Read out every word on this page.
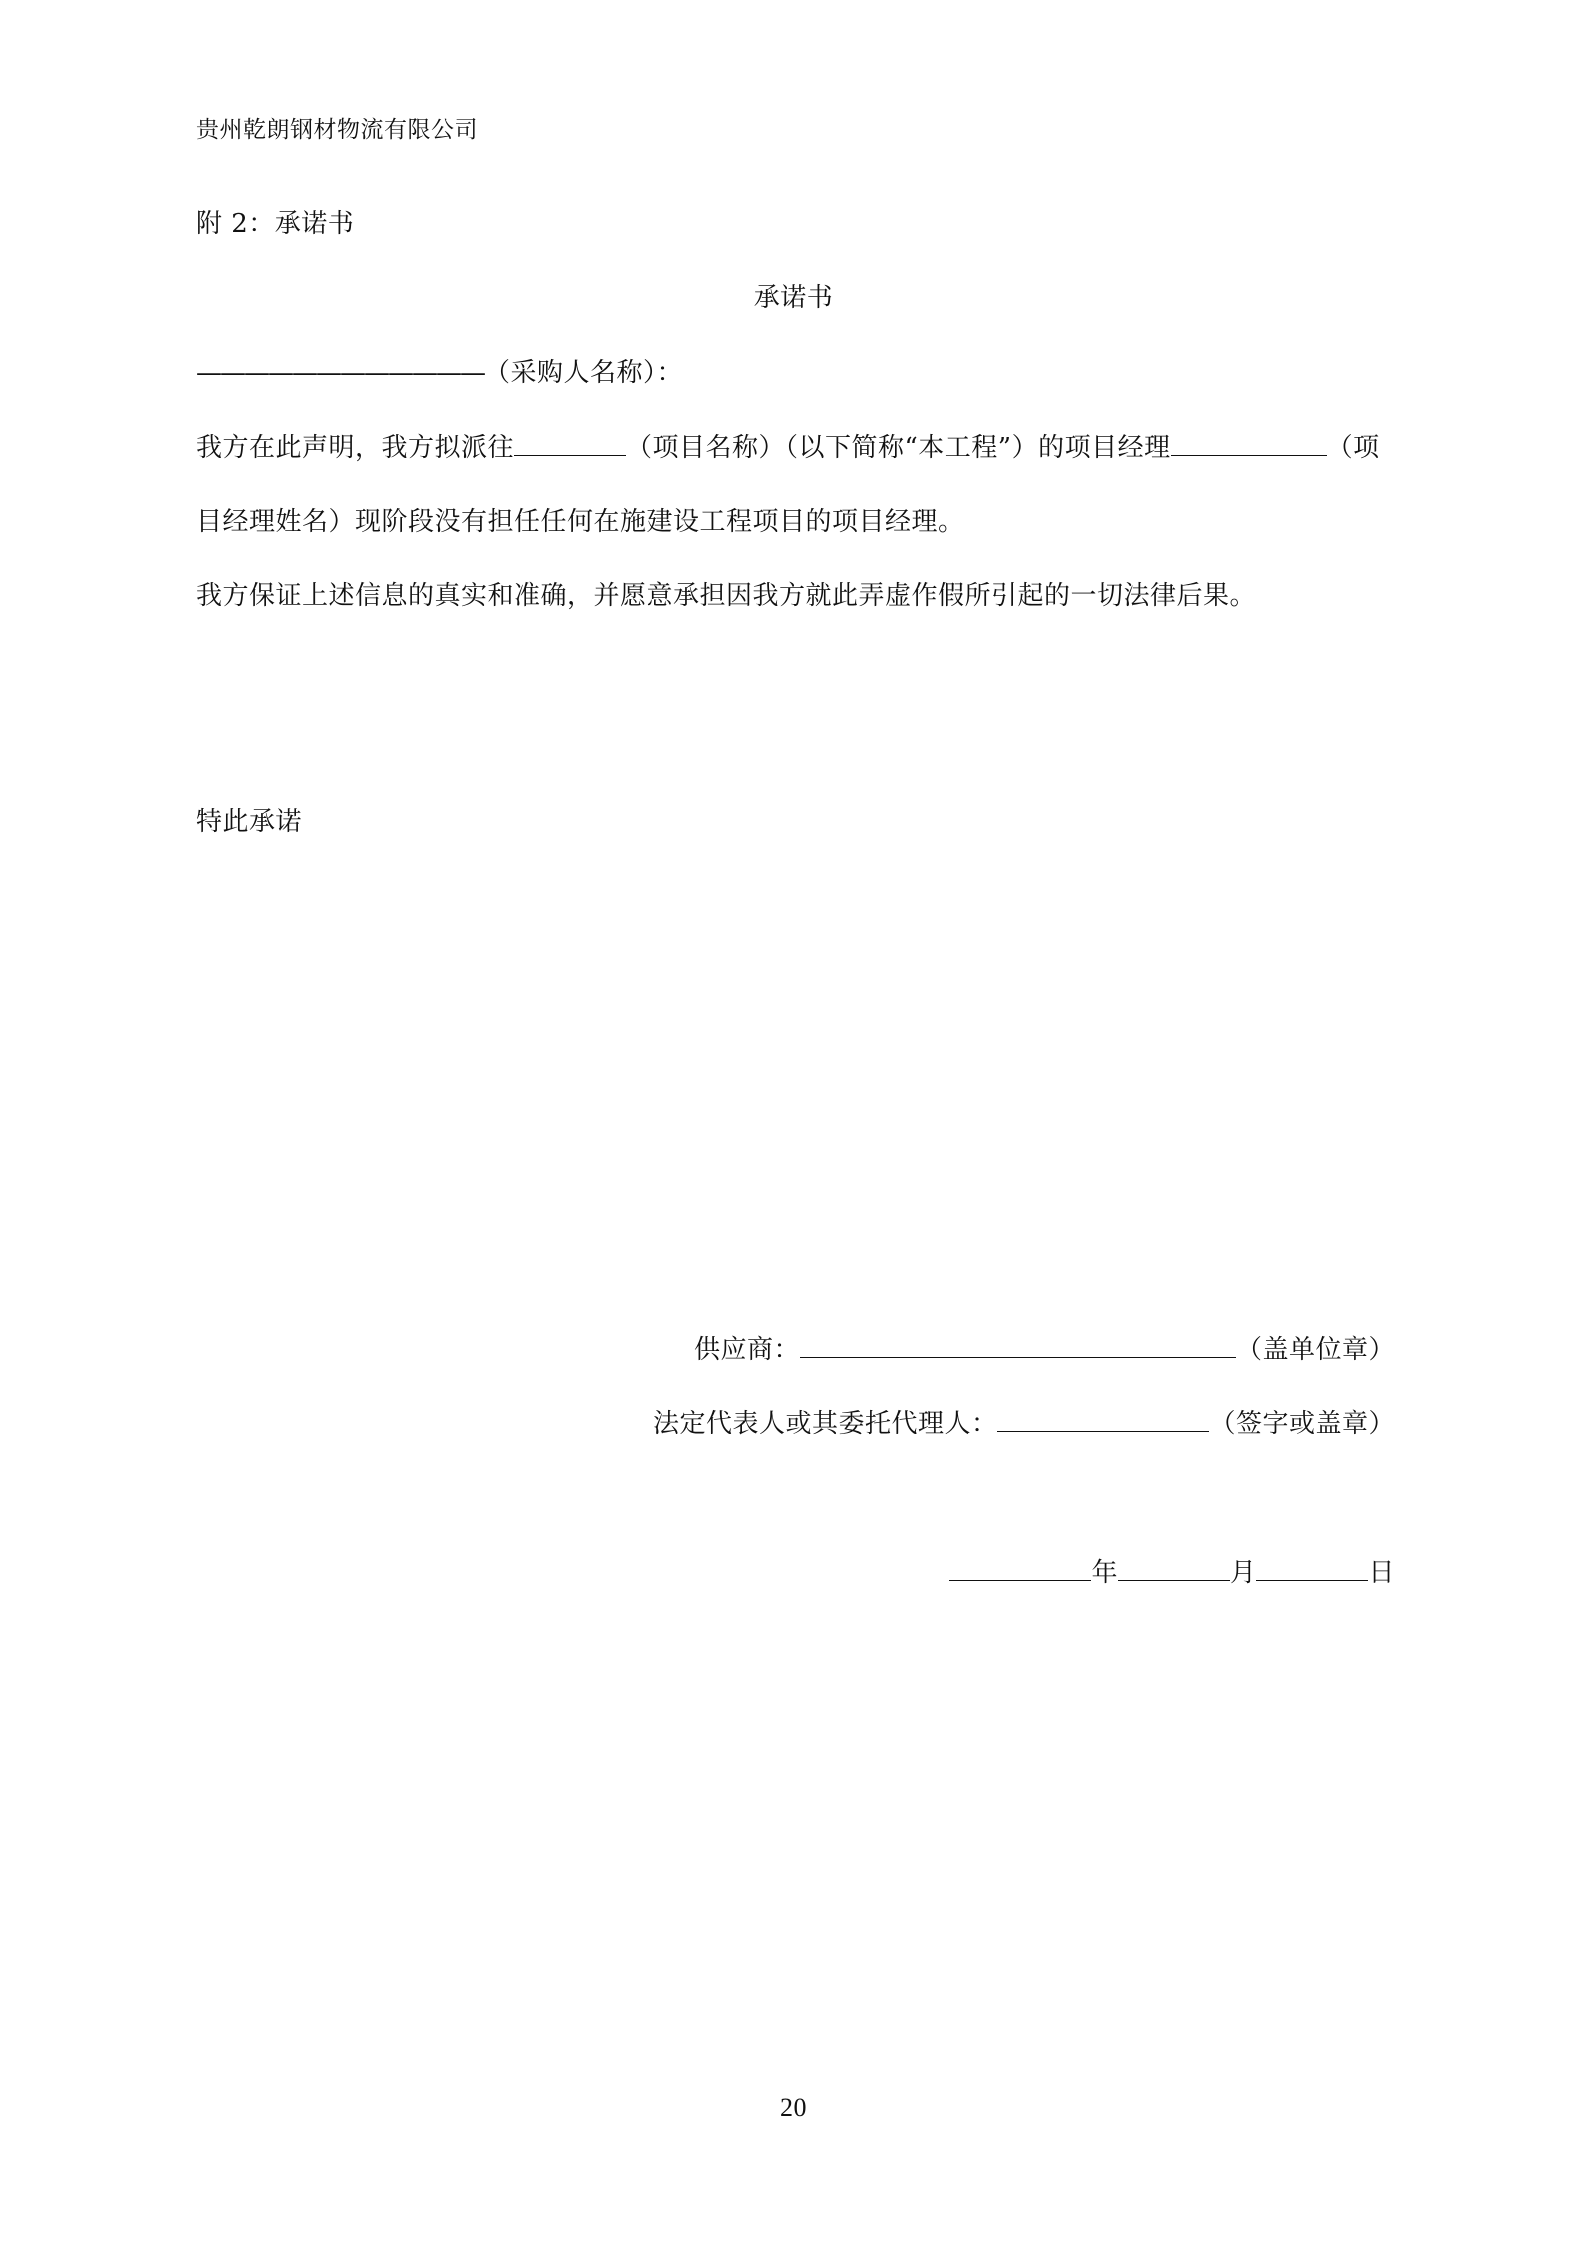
贵州乾朗钢材物流有限公司
附 2：承诺书
承诺书
————————————（采购人名称）：
我方在此声明，我方拟派往	（项目名称）（以下简称“本工程”）的项目经理	（项
目经理姓名）现阶段没有担任任何在施建设工程项目的项目经理。
我方保证上述信息的真实和准确，并愿意承担因我方就此弄虚作假所引起的一切法律后果。
特此承诺
供应商：	（盖单位章）
法定代表人或其委托代理人：	（签字或盖章）
年	月	日
20
